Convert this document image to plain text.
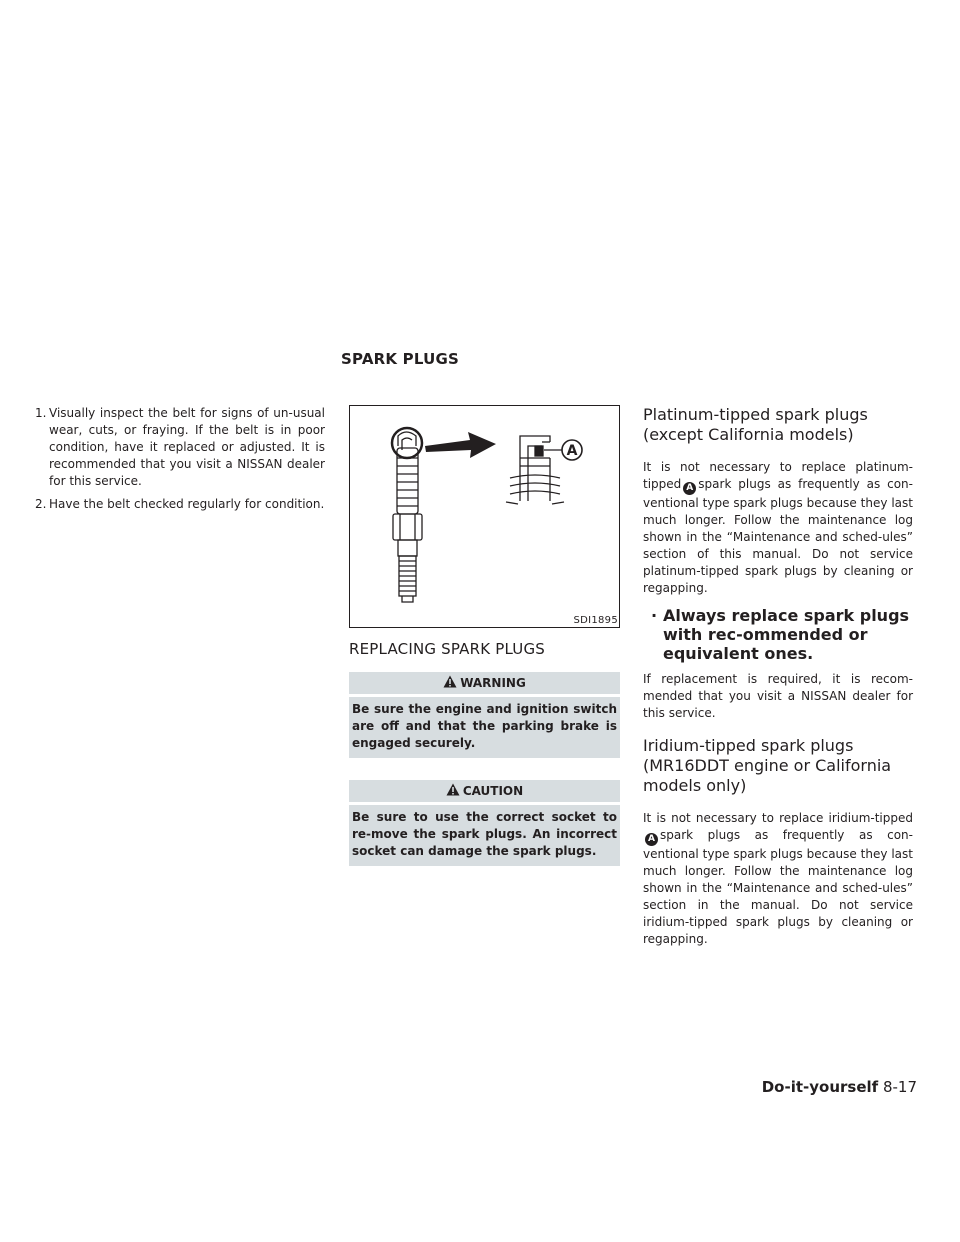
SPARK PLUGS
1. Visually inspect the belt for signs of un-usual wear, cuts, or fraying. If the belt is in poor condition, have it replaced or adjusted. It is recommended that you visit a NISSAN dealer for this service.
2. Have the belt checked regularly for condition.
A
SDI1895
REPLACING SPARK PLUGS
WARNING
Be sure the engine and ignition switch are off and that the parking brake is engaged securely.
CAUTION
Be sure to use the correct socket to re-move the spark plugs. An incorrect socket can damage the spark plugs.
Platinum-tipped spark plugs
(except California models)

It is not necessary to replace platinum-tipped A spark plugs as frequently as con-ventional type spark plugs because they last much longer. Follow the maintenance log shown in the “Maintenance and sched-ules” section of this manual. Do not service platinum-tipped spark plugs by cleaning or regapping.

· Always replace spark plugs with rec-ommended or equivalent ones.

If replacement is required, it is recom-mended that you visit a NISSAN dealer for this service.

Iridium-tipped spark plugs
(MR16DDT engine or California
models only)

It is not necessary to replace iridium-tippedA spark plugs as frequently as con-ventional type spark plugs because they last much longer. Follow the maintenance log shown in the “Maintenance and sched-ules” section in the manual. Do not service iridium-tipped spark plugs by cleaning or regapping.

Do-it-yourself 8-17
